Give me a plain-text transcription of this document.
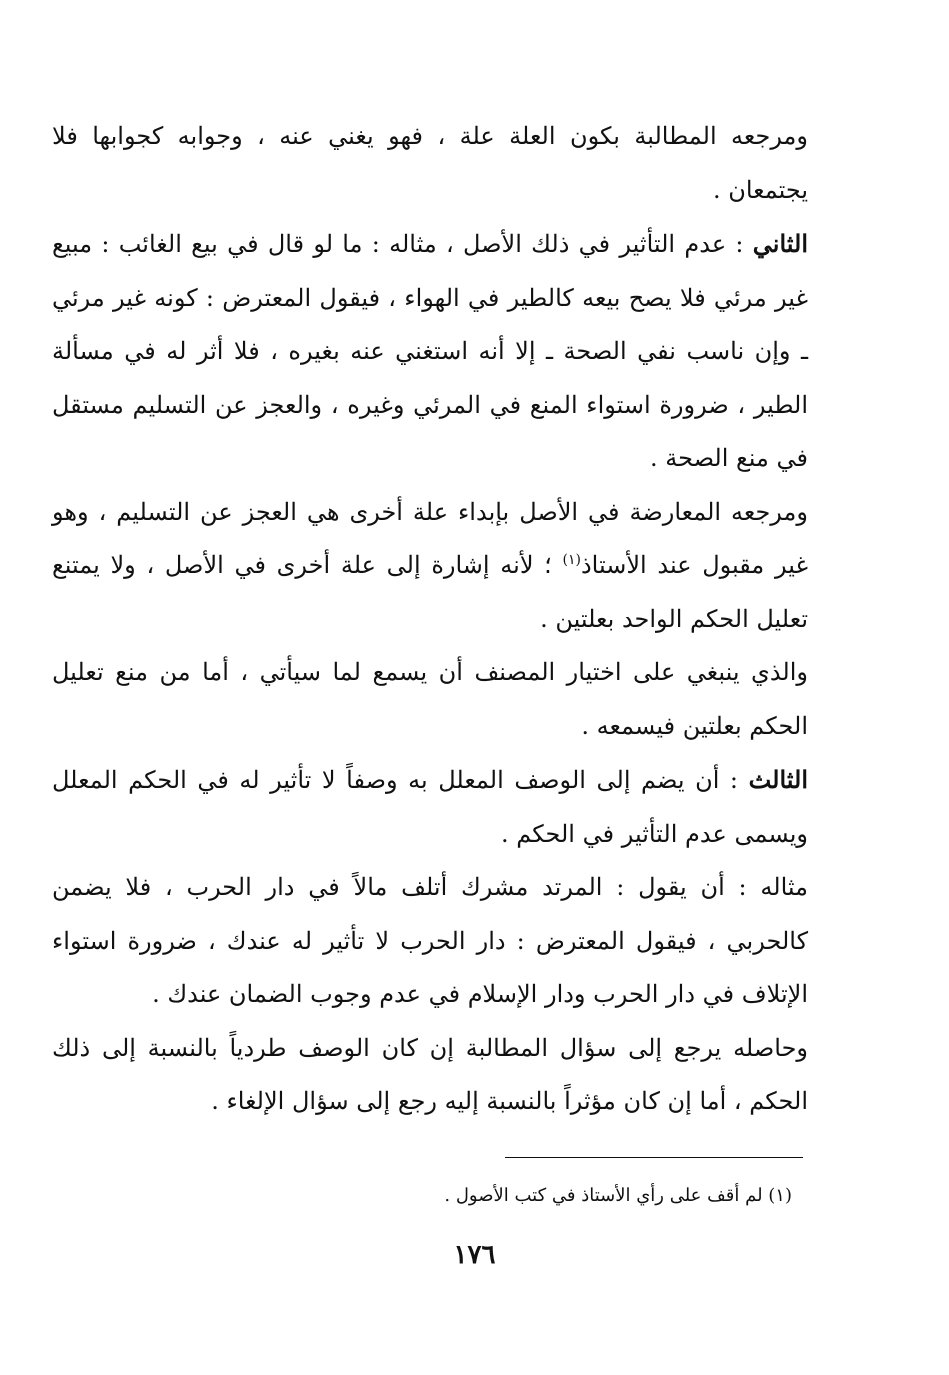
ومرجعه المطالبة بكون العلة علة ، فهو يغني عنه ، وجوابه كجوابها فلا يجتمعان .

الثاني : عدم التأثير في ذلك الأصل ، مثاله : ما لو قال في بيع الغائب : مبيع غير مرئي فلا يصح بيعه كالطير في الهواء ، فيقول المعترض : كونه غير مرئي ـ وإن ناسب نفي الصحة ـ إلا أنه استغني عنه بغيره ، فلا أثر له في مسألة الطير ، ضرورة استواء المنع في المرئي وغيره ، والعجز عن التسليم مستقل في منع الصحة .

ومرجعه المعارضة في الأصل بإبداء علة أخرى هي العجز عن التسليم ، وهو غير مقبول عند الأستاذ$^{(١)}$ ؛ لأنه إشارة إلى علة أخرى في الأصل ، ولا يمتنع تعليل الحكم الواحد بعلتين .

والذي ينبغي على اختيار المصنف أن يسمع لما سيأتي ، أما من منع تعليل الحكم بعلتين فيسمعه .

الثالث : أن يضم إلى الوصف المعلل به وصفاً لا تأثير له في الحكم المعلل ويسمى عدم التأثير في الحكم .

مثاله : أن يقول : المرتد مشرك أتلف مالاً في دار الحرب ، فلا يضمن كالحربي ، فيقول المعترض : دار الحرب لا تأثير له عندك ، ضرورة استواء الإتلاف في دار الحرب ودار الإسلام في عدم وجوب الضمان عندك .

وحاصله يرجع إلى سؤال المطالبة إن كان الوصف طردياً بالنسبة إلى ذلك الحكم ، أما إن كان مؤثراً بالنسبة إليه رجع إلى سؤال الإلغاء .

(١) لم أقف على رأي الأستاذ في كتب الأصول .
١٧٦
